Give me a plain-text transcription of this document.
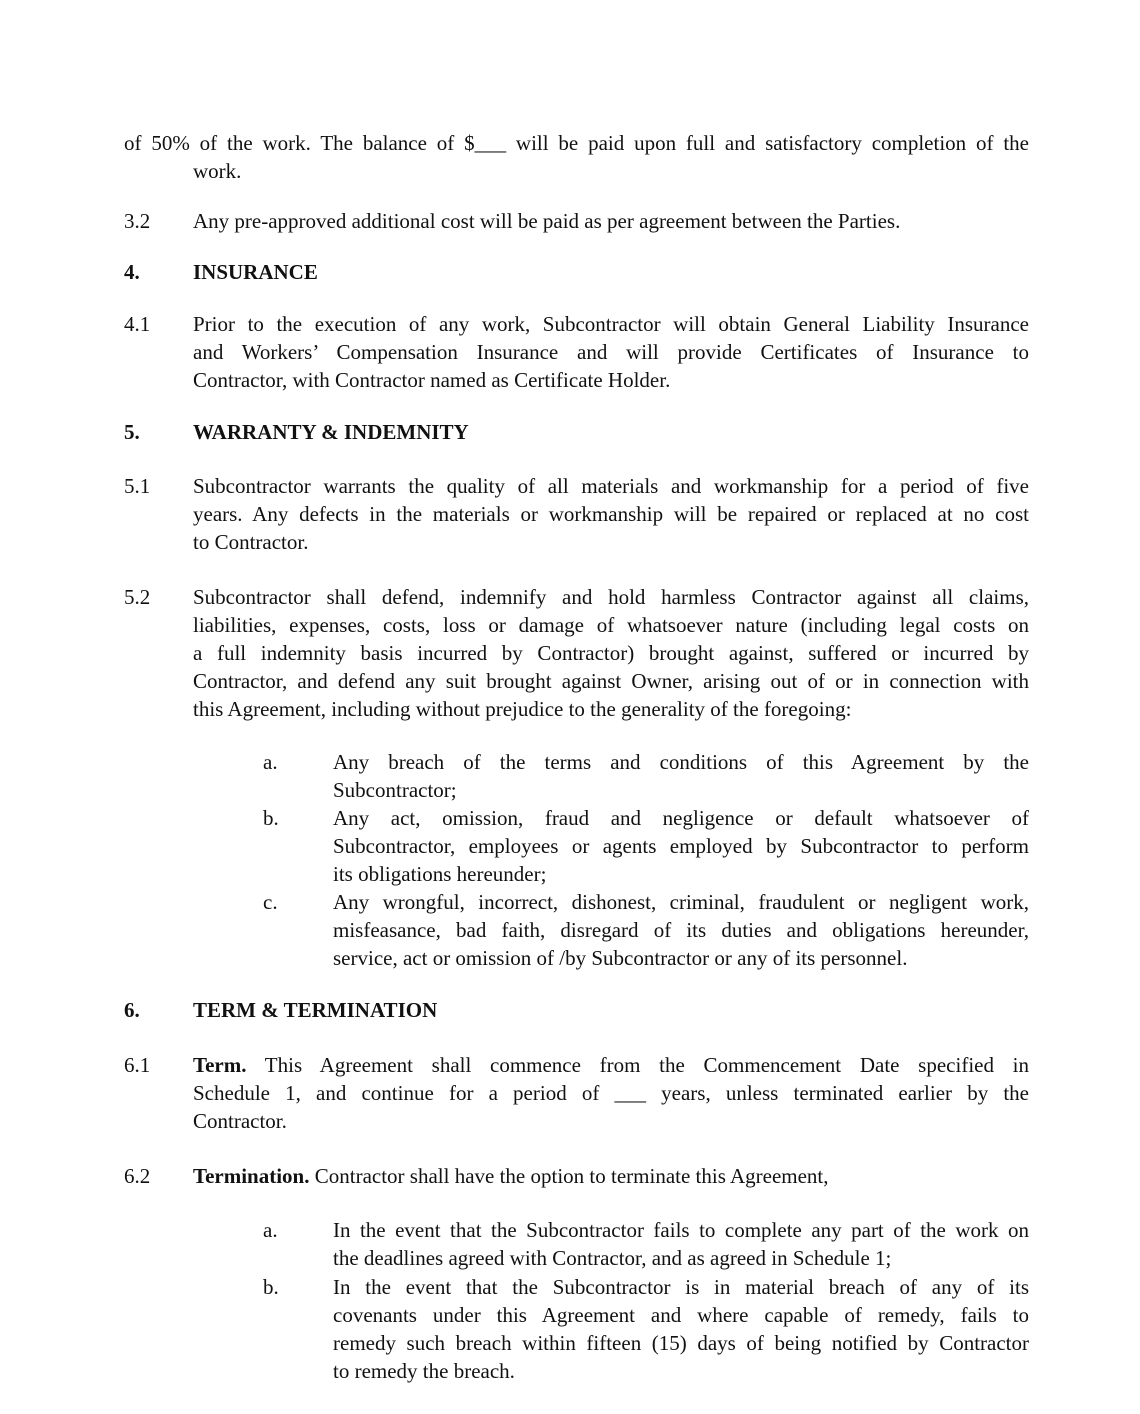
of 50% of the work. The balance of $___ will be paid upon full and satisfactory completion of the
work.
3.2 Any pre-approved additional cost will be paid as per agreement between the Parties.
4.	INSURANCE
4.1 Prior to the execution of any work, Subcontractor will obtain General Liability Insurance
and Workers’ Compensation Insurance and will provide Certificates of Insurance to
Contractor, with Contractor named as Certificate Holder.
5.	WARRANTY & INDEMNITY
5.1 Subcontractor warrants the quality of all materials and workmanship for a period of five
years. Any defects in the materials or workmanship will be repaired or replaced at no cost
to Contractor.
5.2 Subcontractor shall defend, indemnify and hold harmless Contractor against all claims,
liabilities, expenses, costs, loss or damage of whatsoever nature (including legal costs on
a full indemnity basis incurred by Contractor) brought against, suffered or incurred by
Contractor, and defend any suit brought against Owner, arising out of or in connection with
this Agreement, including without prejudice to the generality of the foregoing:
a.	Any breach of the terms and conditions of this Agreement by the
Subcontractor;
b.	Any act, omission, fraud and negligence or default whatsoever of
Subcontractor, employees or agents employed by Subcontractor to perform
its obligations hereunder;
c.	Any wrongful, incorrect, dishonest, criminal, fraudulent or negligent work,
misfeasance, bad faith, disregard of its duties and obligations hereunder,
service, act or omission of /by Subcontractor or any of its personnel.
6.	TERM & TERMINATION
6.1 Term. This Agreement shall commence from the Commencement Date specified in
Schedule 1, and continue for a period of ___ years, unless terminated earlier by the
Contractor.
6.2 Termination. Contractor shall have the option to terminate this Agreement,
a.	In the event that the Subcontractor fails to complete any part of the work on
the deadlines agreed with Contractor, and as agreed in Schedule 1;
b.	In the event that the Subcontractor is in material breach of any of its
covenants under this Agreement and where capable of remedy, fails to
remedy such breach within fifteen (15) days of being notified by Contractor
to remedy the breach.
